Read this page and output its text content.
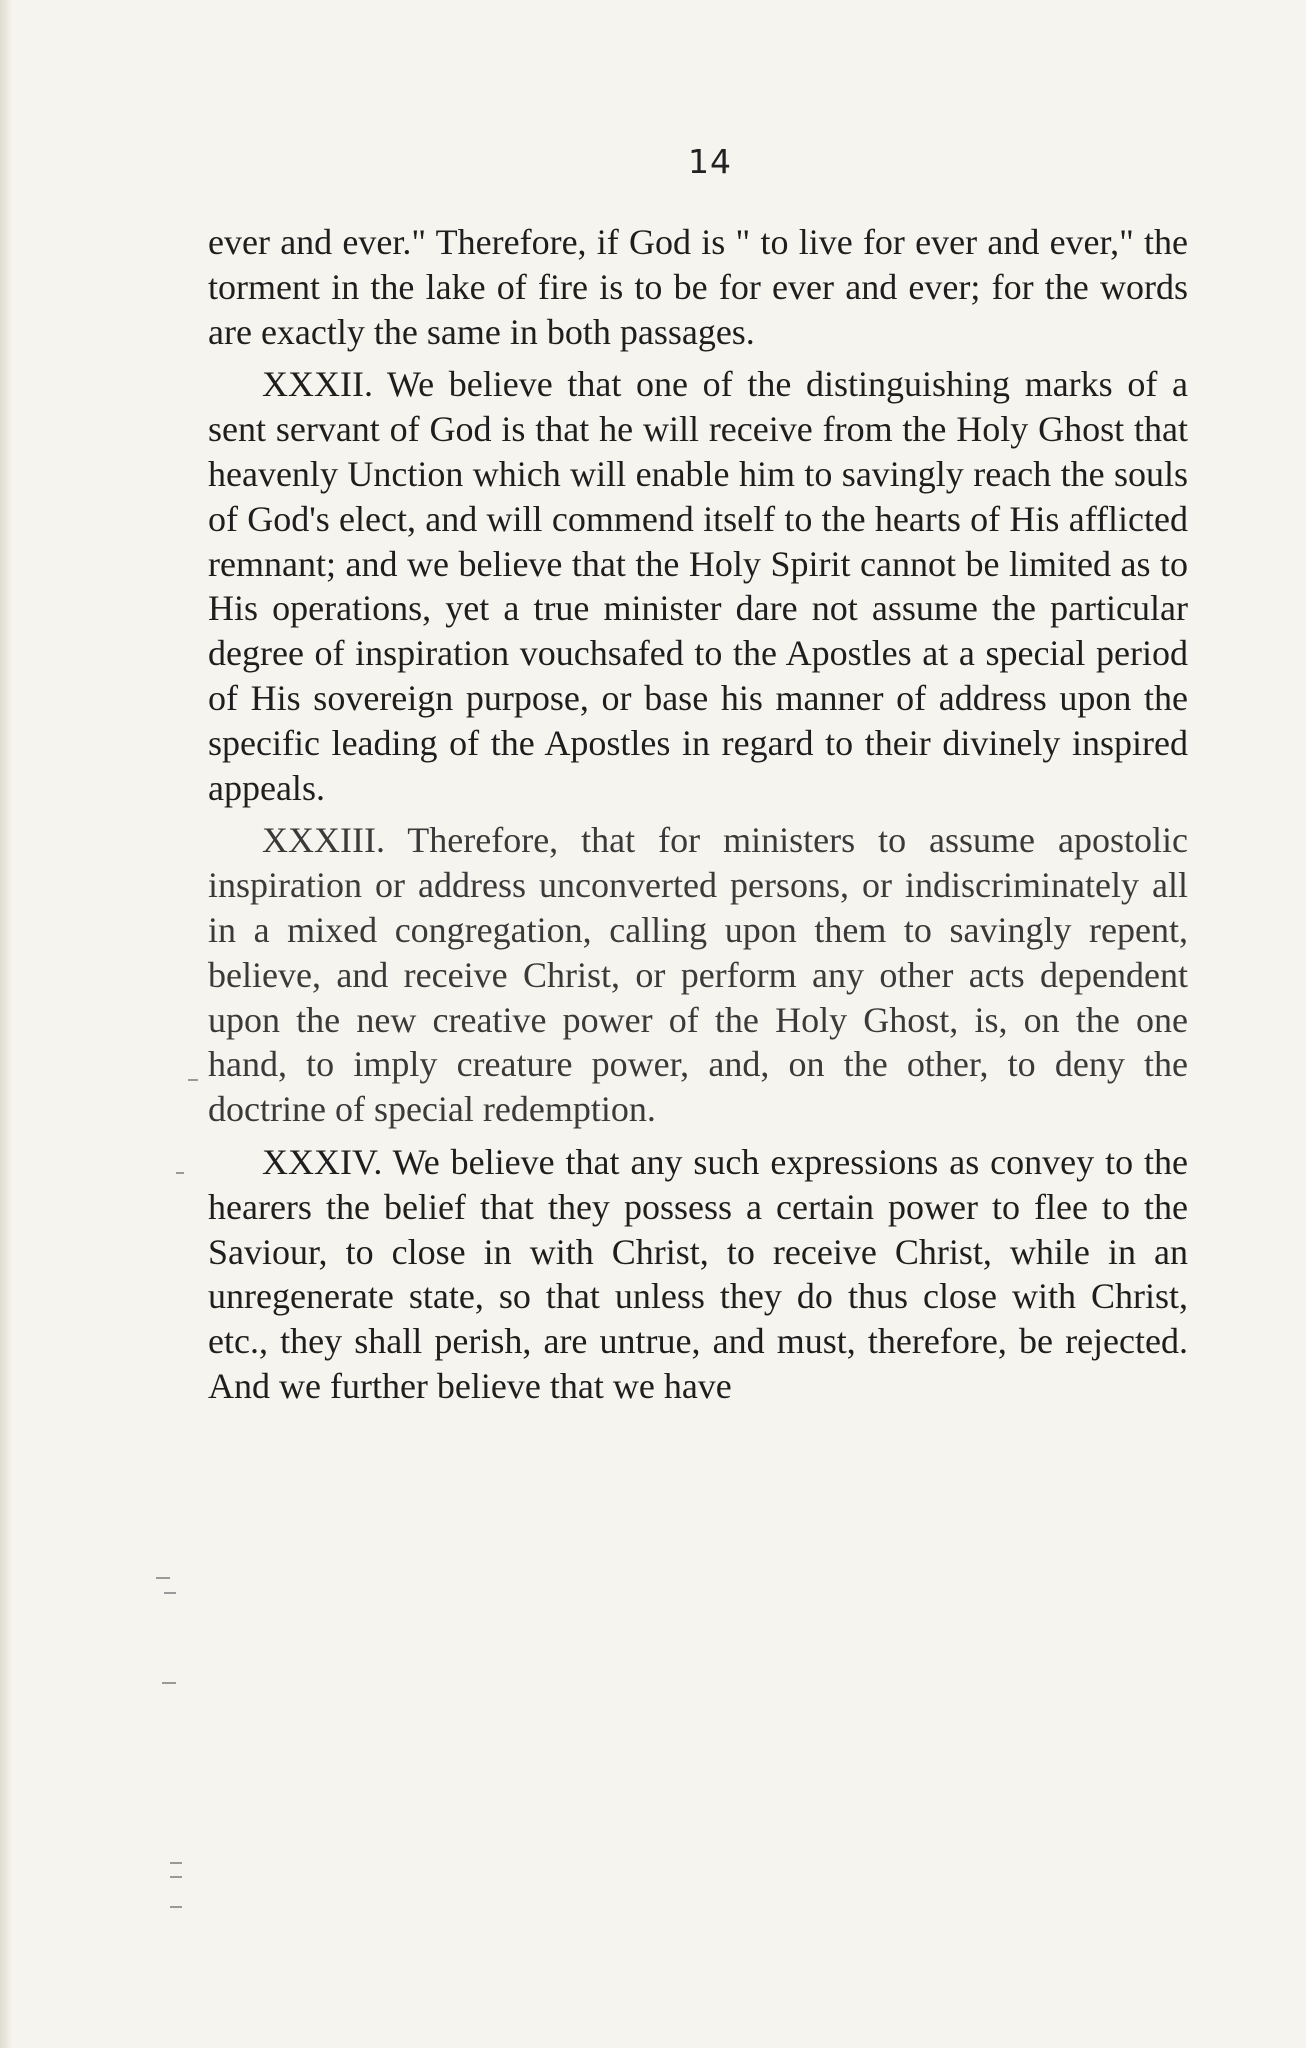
14

ever and ever." Therefore, if God is " to live for ever and ever," the torment in the lake of fire is to be for ever and ever; for the words are exactly the same in both passages.

XXXII. We believe that one of the distinguishing marks of a sent servant of God is that he will receive from the Holy Ghost that heavenly Unction which will enable him to savingly reach the souls of God's elect, and will commend itself to the hearts of His afflicted remnant; and we believe that the Holy Spirit cannot be limited as to His operations, yet a true minister dare not assume the particular degree of inspiration vouchsafed to the Apostles at a special period of His sovereign purpose, or base his manner of address upon the specific leading of the Apostles in regard to their divinely inspired appeals.

XXXIII. Therefore, that for ministers to assume apostolic inspiration or address unconverted persons, or indiscriminately all in a mixed congregation, calling upon them to savingly repent, believe, and receive Christ, or perform any other acts dependent upon the new creative power of the Holy Ghost, is, on the one hand, to imply creature power, and, on the other, to deny the doctrine of special redemption.

XXXIV. We believe that any such expressions as convey to the hearers the belief that they possess a certain power to flee to the Saviour, to close in with Christ, to receive Christ, while in an unregenerate state, so that unless they do thus close with Christ, etc., they shall perish, are untrue, and must, therefore, be rejected. And we further believe that we have
